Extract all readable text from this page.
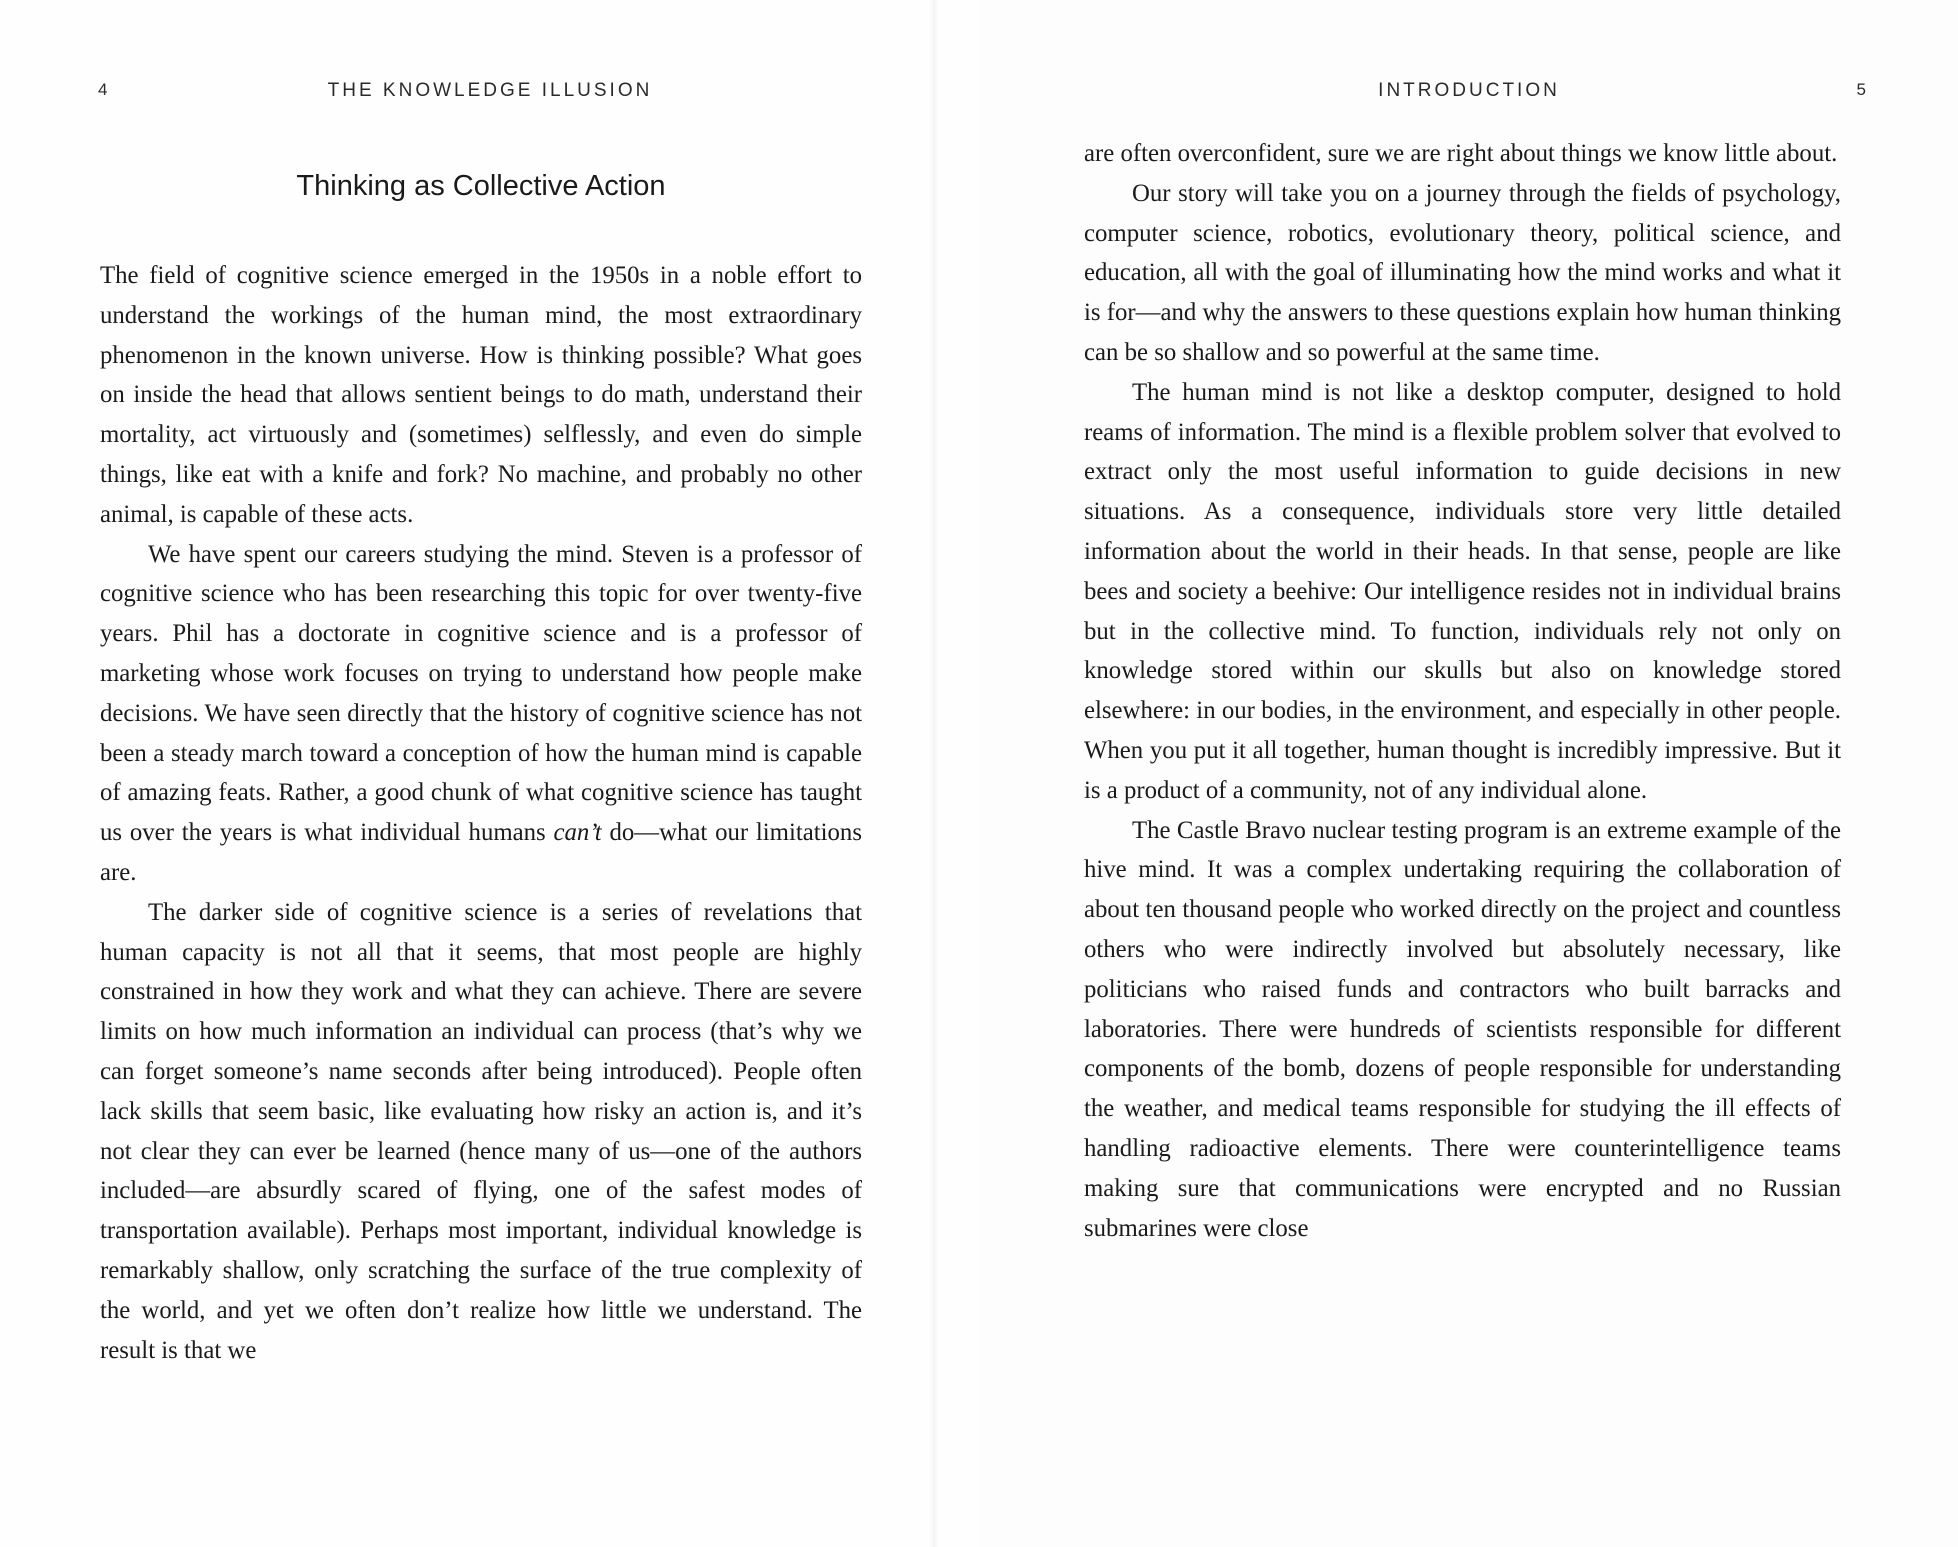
4	THE KNOWLEDGE ILLUSION
Thinking as Collective Action

The field of cognitive science emerged in the 1950s in a noble effort to understand the workings of the human mind, the most extraordinary phenomenon in the known universe. How is thinking possible? What goes on inside the head that allows sentient beings to do math, understand their mortality, act virtuously and (sometimes) selflessly, and even do simple things, like eat with a knife and fork? No machine, and probably no other animal, is capable of these acts.

We have spent our careers studying the mind. Steven is a professor of cognitive science who has been researching this topic for over twenty-five years. Phil has a doctorate in cognitive science and is a professor of marketing whose work focuses on trying to understand how people make decisions. We have seen directly that the history of cognitive science has not been a steady march toward a conception of how the human mind is capable of amazing feats. Rather, a good chunk of what cognitive science has taught us over the years is what individual humans can’t do—what our limitations are.

The darker side of cognitive science is a series of revelations that human capacity is not all that it seems, that most people are highly constrained in how they work and what they can achieve. There are severe limits on how much information an individual can process (that’s why we can forget someone’s name seconds after being introduced). People often lack skills that seem basic, like evaluating how risky an action is, and it’s not clear they can ever be learned (hence many of us—one of the authors included—are absurdly scared of flying, one of the safest modes of transportation available). Perhaps most important, individual knowledge is remarkably shallow, only scratching the surface of the true complexity of the world, and yet we often don’t realize how little we understand. The result is that we

INTRODUCTION	5

are often overconfident, sure we are right about things we know little about.

Our story will take you on a journey through the fields of psychology, computer science, robotics, evolutionary theory, political science, and education, all with the goal of illuminating how the mind works and what it is for—and why the answers to these questions explain how human thinking can be so shallow and so powerful at the same time.

The human mind is not like a desktop computer, designed to hold reams of information. The mind is a flexible problem solver that evolved to extract only the most useful information to guide decisions in new situations. As a consequence, individuals store very little detailed information about the world in their heads. In that sense, people are like bees and society a beehive: Our intelligence resides not in individual brains but in the collective mind. To function, individuals rely not only on knowledge stored within our skulls but also on knowledge stored elsewhere: in our bodies, in the environment, and especially in other people. When you put it all together, human thought is incredibly impressive. But it is a product of a community, not of any individual alone.

The Castle Bravo nuclear testing program is an extreme example of the hive mind. It was a complex undertaking requiring the collaboration of about ten thousand people who worked directly on the project and countless others who were indirectly involved but absolutely necessary, like politicians who raised funds and contractors who built barracks and laboratories. There were hundreds of scientists responsible for different components of the bomb, dozens of people responsible for understanding the weather, and medical teams responsible for studying the ill effects of handling radioactive elements. There were counterintelligence teams making sure that communications were encrypted and no Russian submarines were close
